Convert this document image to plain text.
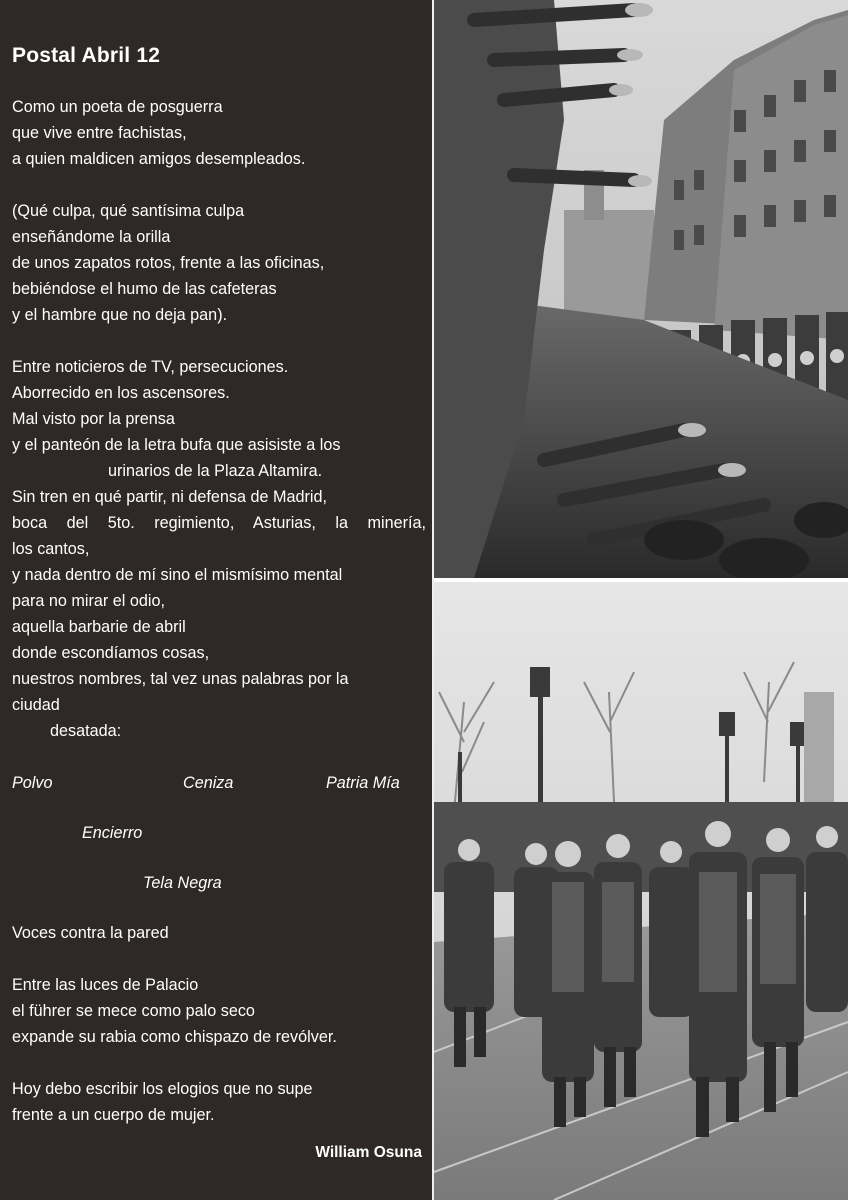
Postal Abril 12
Como un poeta de posguerra
que vive entre fachistas,
a quien maldicen amigos desempleados.
(Qué culpa, qué santísima culpa
enseñándome la orilla
de unos zapatos rotos, frente a las oficinas,
bebiéndose el humo de las cafeteras
y el hambre que no deja pan).
Entre noticieros de TV, persecuciones.
Aborrecido en los ascensores.
Mal visto por la prensa
y el panteón de la letra bufa que asisiste a los
urinarios de la Plaza Altamira.
Sin tren en qué partir, ni defensa de Madrid,
boca del 5to. regimiento, Asturias, la minería,
los cantos,
y nada dentro de mí sino el mismísimo mental
para no mirar el odio,
aquella barbarie de abril
donde escondíamos cosas,
nuestros nombres, tal vez unas palabras por la
ciudad
desatada:
Polvo	Ceniza	Patria Mía
Encierro
Tela Negra
Voces contra la pared
Entre las luces de Palacio
el führer se mece como palo seco
expande su rabia como chispazo de revólver.
Hoy debo escribir los elogios que no supe
frente a un cuerpo de mujer.
William Osuna
